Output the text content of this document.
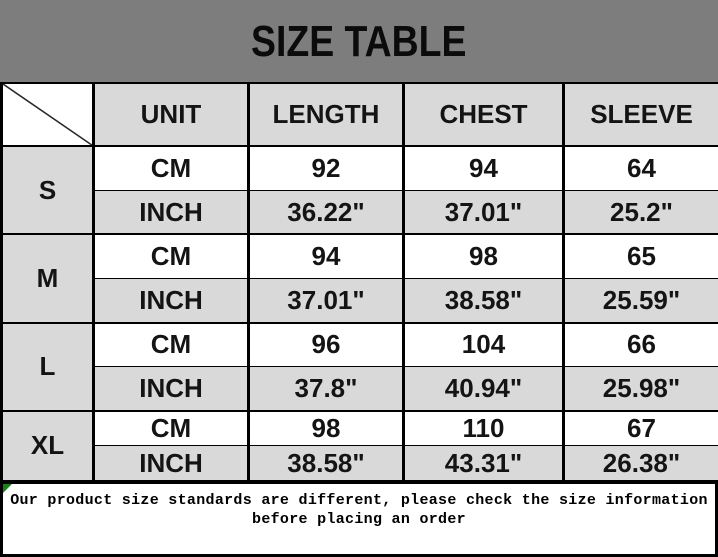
SIZE TABLE
	UNIT	LENGTH	CHEST	SLEEVE
S	CM	92	94	64
	INCH	36.22"	37.01"	25.2"
M	CM	94	98	65
	INCH	37.01"	38.58"	25.59"
L	CM	96	104	66
	INCH	37.8"	40.94"	25.98"
XL	CM	98	110	67
	INCH	38.58"	43.31"	26.38"
Our product size standards are different, please check the size information
before placing an order
